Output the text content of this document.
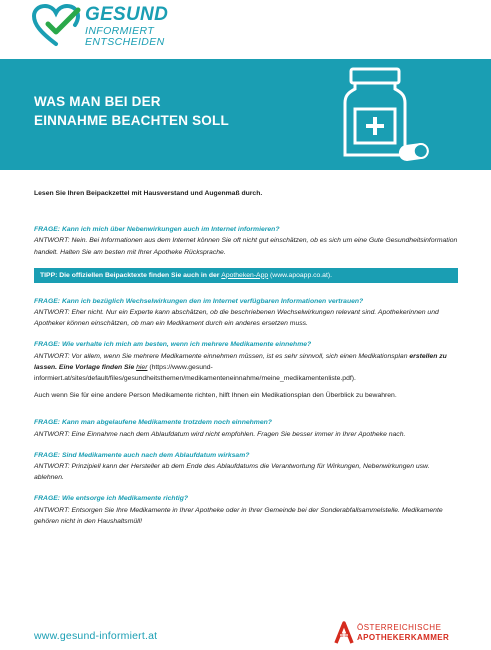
GESUND
INFORMIERT
ENTSCHEIDEN
WAS MAN BEI DER
EINNAHME BEACHTEN SOLL
Lesen Sie Ihren Beipackzettel mit Hausverstand und Augenmaß durch.
FRAGE: Kann ich mich über Nebenwirkungen auch im Internet informieren?
ANTWORT: Nein. Bei Informationen aus dem Internet können Sie oft nicht gut einschätzen, ob es sich um eine Gute Gesundheitsinformation handelt. Halten Sie am besten mit Ihrer Apotheke Rücksprache.
TIPP: Die offiziellen Beipacktexte finden Sie auch in der Apotheken-App (www.apoapp.co.at).
FRAGE: Kann ich bezüglich Wechselwirkungen den im Internet verfügbaren Informationen vertrauen?
ANTWORT: Eher nicht. Nur ein Experte kann abschätzen, ob die beschriebenen Wechselwirkungen relevant sind. Apothekerinnen und Apotheker können einschätzen, ob man ein Medikament durch ein anderes ersetzen muss.
FRAGE: Wie verhalte ich mich am besten, wenn ich mehrere Medikamente einnehme?
ANTWORT: Vor allem, wenn Sie mehrere Medikamente einnehmen müssen, ist es sehr sinnvoll, sich einen Medikationsplan erstellen zu lassen. Eine Vorlage finden Sie hier (https://www.gesund-informiert.at/sites/default/files/gesundheitsthemen/medikamenteneinnahme/meine_medikamentenliste.pdf).
Auch wenn Sie für eine andere Person Medikamente richten, hilft Ihnen ein Medikationsplan den Überblick zu bewahren.
FRAGE: Kann man abgelaufene Medikamente trotzdem noch einnehmen?
ANTWORT: Eine Einnahme nach dem Ablaufdatum wird nicht empfohlen. Fragen Sie besser immer in Ihrer Apotheke nach.
FRAGE: Sind Medikamente auch nach dem Ablaufdatum wirksam?
ANTWORT: Prinzipiell kann der Hersteller ab dem Ende des Ablaufdatums die Verantwortung für Wirkungen, Nebenwirkungen usw. ablehnen.
FRAGE: Wie entsorge ich Medikamente richtig?
ANTWORT: Entsorgen Sie Ihre Medikamente in Ihrer Apotheke oder in Ihrer Gemeinde bei der Sonderabfallsammelstelle. Medikamente gehören nicht in den Haushaltsmüll!
www.gesund-informiert.at
ÖSTERREICHISCHE
APOTHEKERKAMMER
